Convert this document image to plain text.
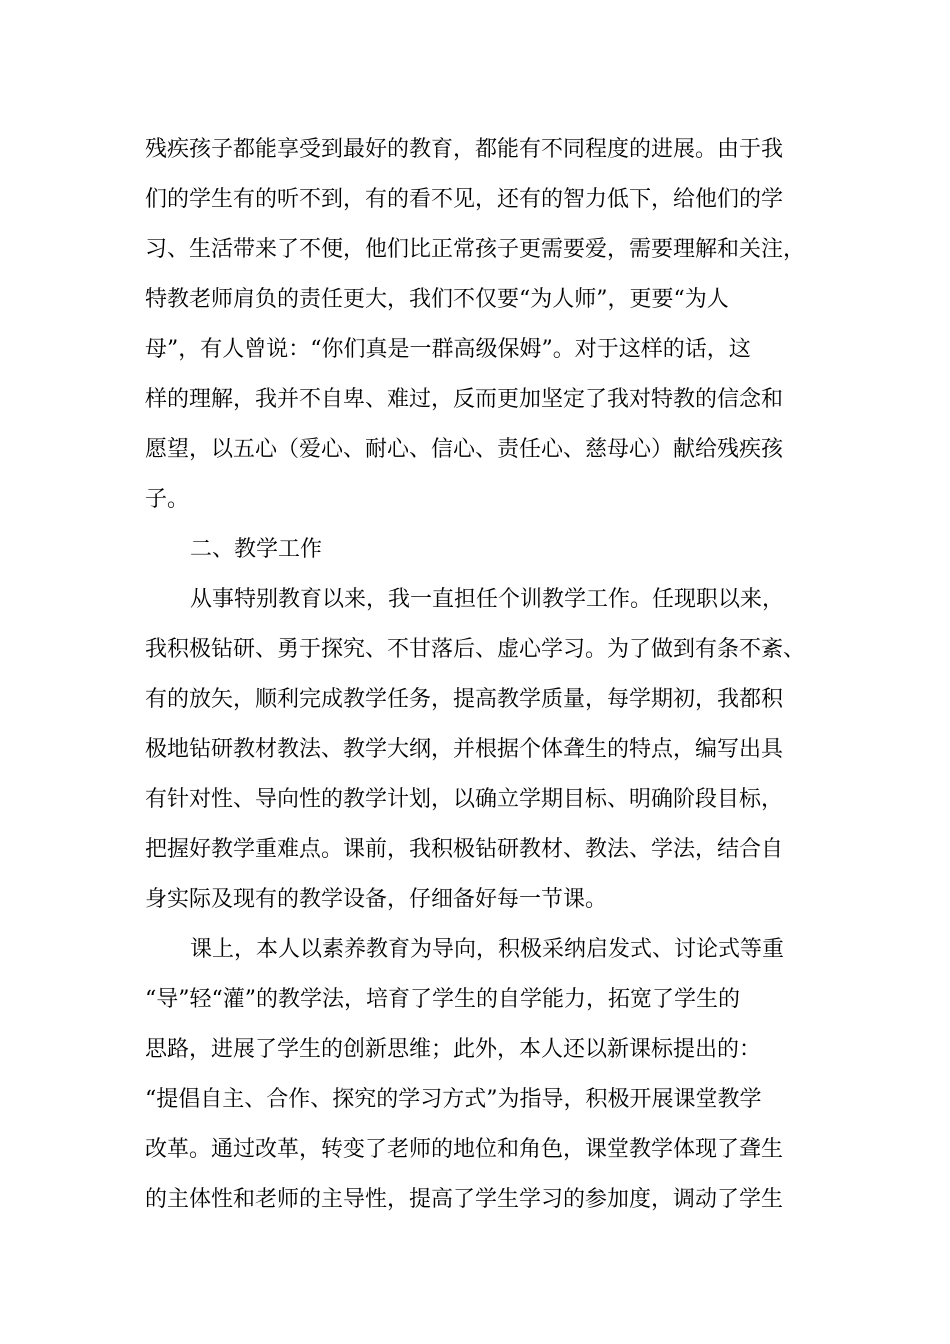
残疾孩子都能享受到最好的教育，都能有不同程度的进展。由于我
们的学生有的听不到，有的看不见，还有的智力低下，给他们的学
习、生活带来了不便，他们比正常孩子更需要爱，需要理解和关注，
特教老师肩负的责任更大，我们不仅要“为人师”，更要“为人
母”，有人曾说：“你们真是一群高级保姆”。对于这样的话，这
样的理解，我并不自卑、难过，反而更加坚定了我对特教的信念和
愿望，以五心（爱心、耐心、信心、责任心、慈母心）献给残疾孩
子。
二、教学工作
从事特别教育以来，我一直担任个训教学工作。任现职以来，
我积极钻研、勇于探究、不甘落后、虚心学习。为了做到有条不紊、
有的放矢，顺利完成教学任务，提高教学质量，每学期初，我都积
极地钻研教材教法、教学大纲，并根据个体聋生的特点，编写出具
有针对性、导向性的教学计划，以确立学期目标、明确阶段目标，
把握好教学重难点。课前，我积极钻研教材、教法、学法，结合自
身实际及现有的教学设备，仔细备好每一节课。
课上，本人以素养教育为导向，积极采纳启发式、讨论式等重
“导”轻“灌”的教学法，培育了学生的自学能力，拓宽了学生的
思路，进展了学生的创新思维；此外，本人还以新课标提出的：
“提倡自主、合作、探究的学习方式”为指导，积极开展课堂教学
改革。通过改革，转变了老师的地位和角色，课堂教学体现了聋生
的主体性和老师的主导性，提高了学生学习的参加度，调动了学生
